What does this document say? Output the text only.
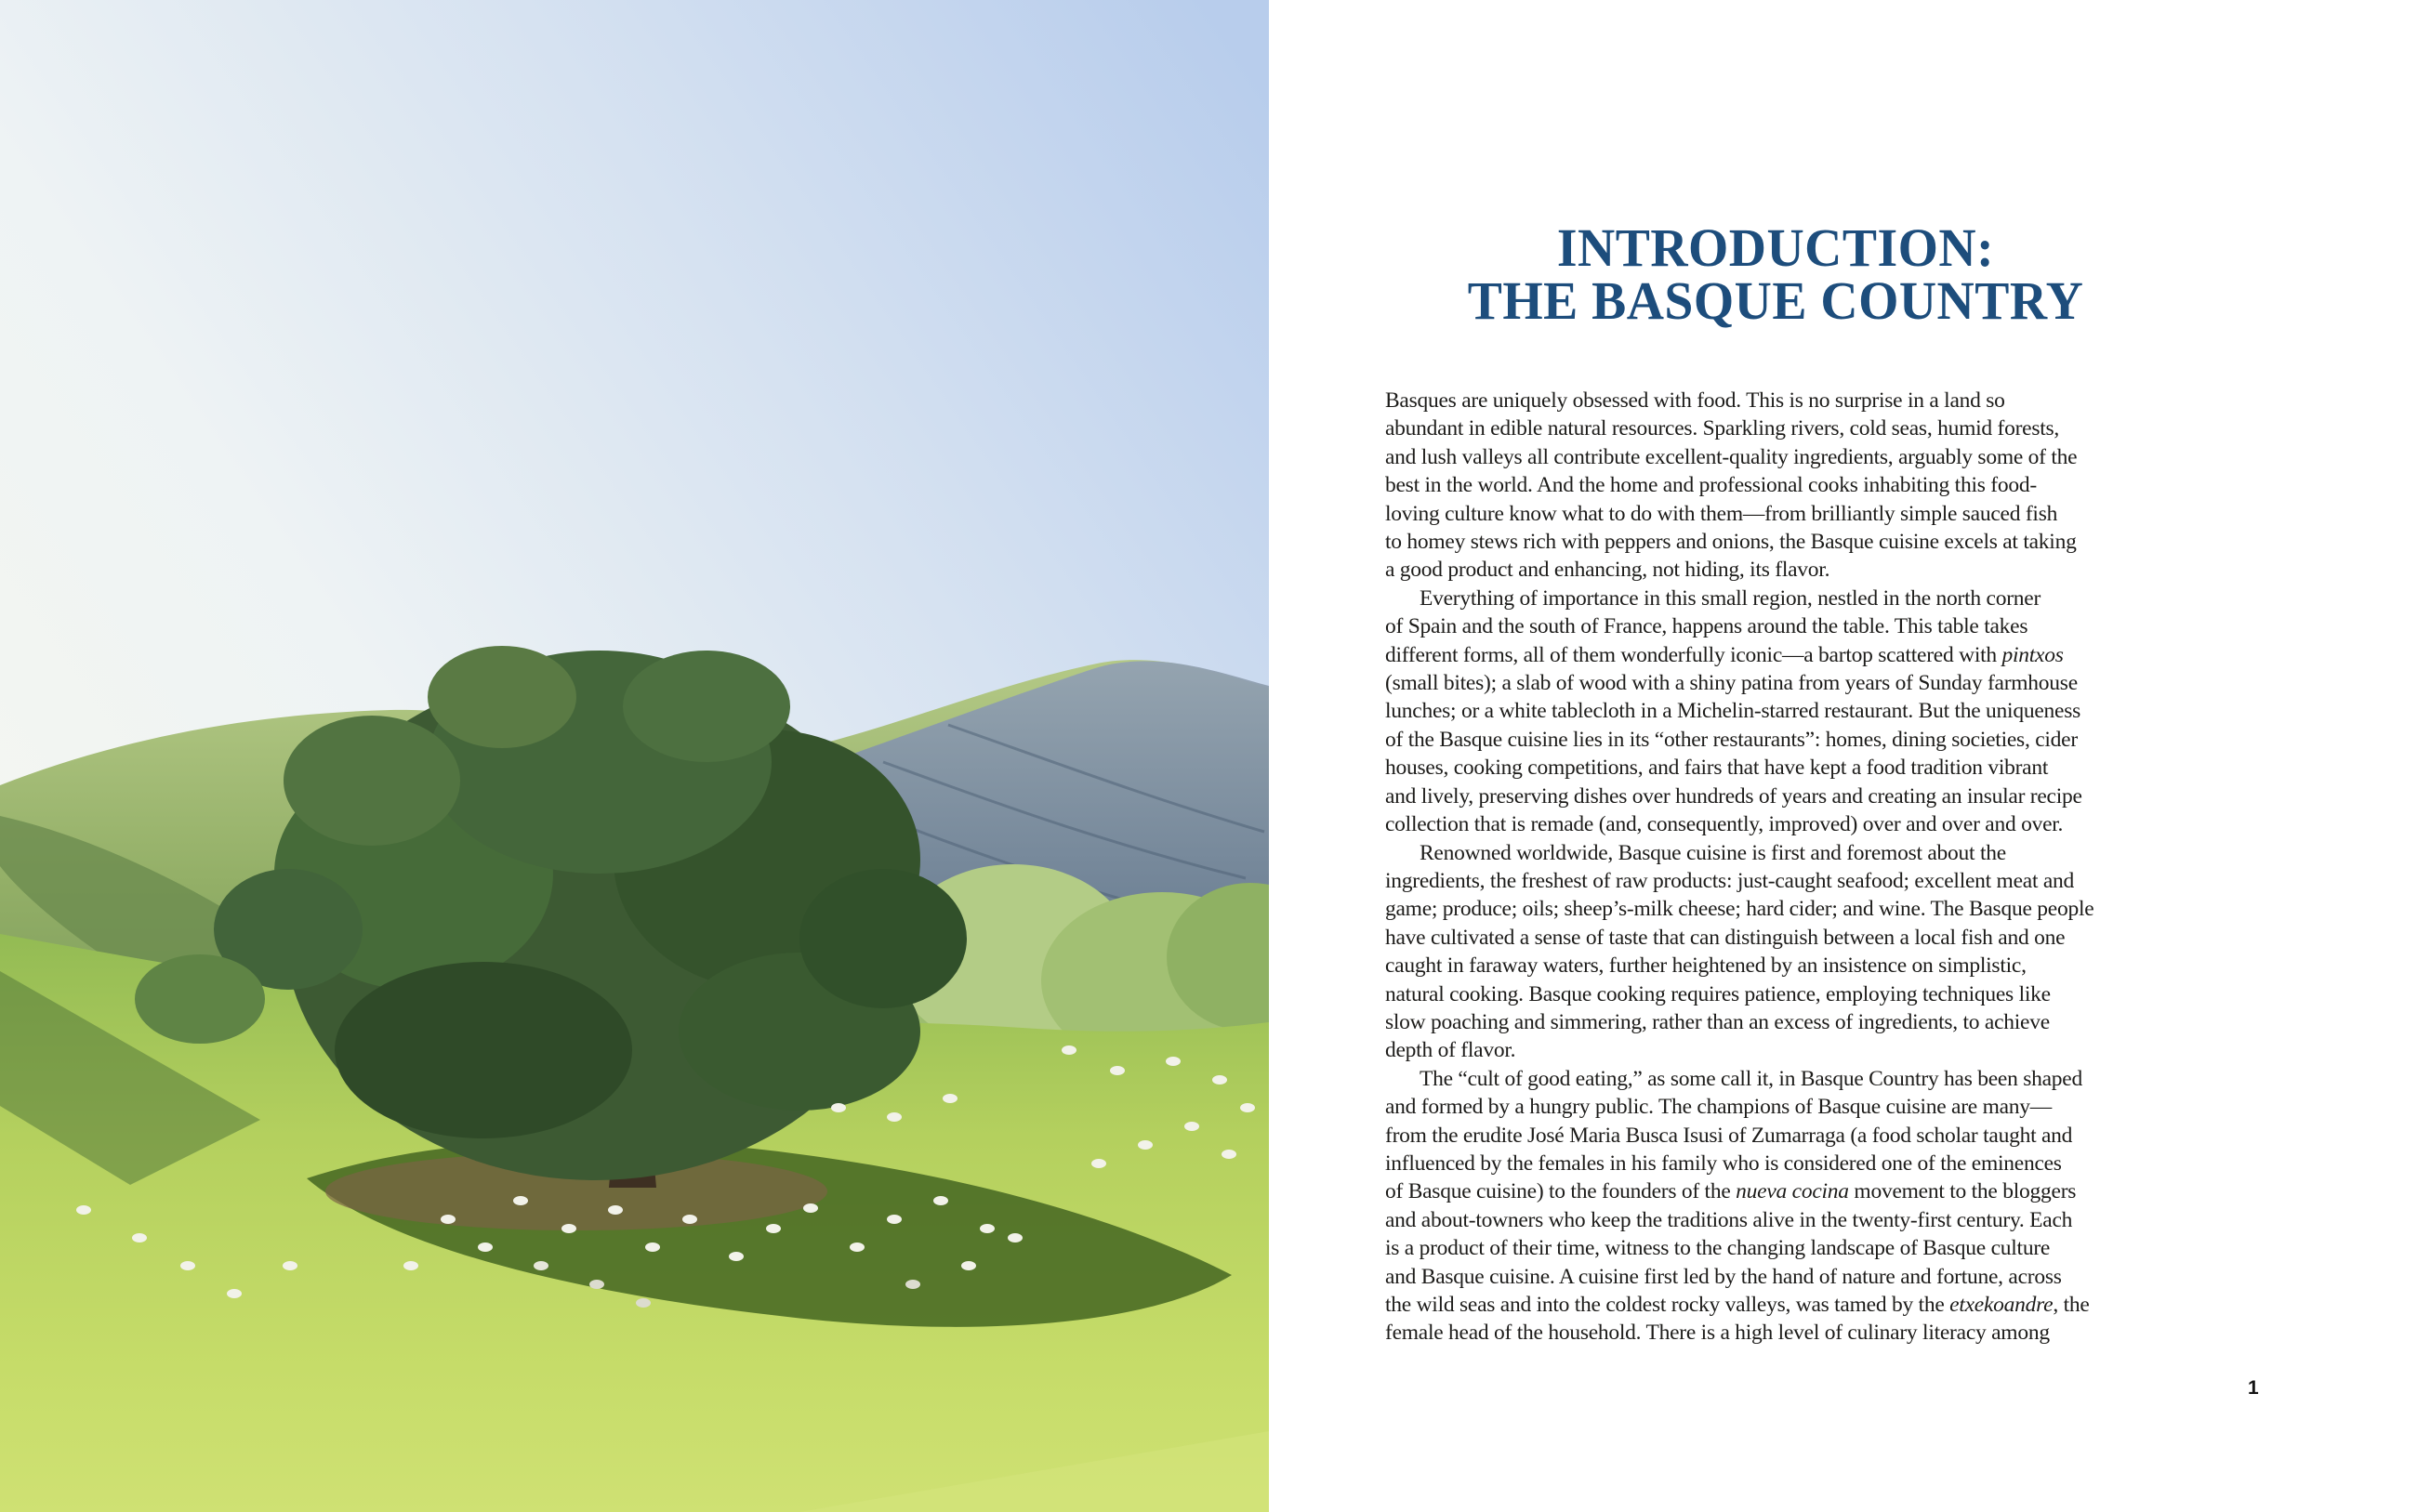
INTRODUCTION:
THE BASQUE COUNTRY
Basques are uniquely obsessed with food. This is no surprise in a land so
abundant in edible natural resources. Sparkling rivers, cold seas, humid forests,
and lush valleys all contribute excellent-quality ingredients, arguably some of the
best in the world. And the home and professional cooks inhabiting this food-
loving culture know what to do with them—from brilliantly simple sauced fish
to homey stews rich with peppers and onions, the Basque cuisine excels at taking
a good product and enhancing, not hiding, its flavor.
Everything of importance in this small region, nestled in the north corner
of Spain and the south of France, happens around the table. This table takes
different forms, all of them wonderfully iconic—a bartop scattered with pintxos
(small bites); a slab of wood with a shiny patina from years of Sunday farmhouse
lunches; or a white tablecloth in a Michelin-starred restaurant. But the uniqueness
of the Basque cuisine lies in its “other restaurants”: homes, dining societies, cider
houses, cooking competitions, and fairs that have kept a food tradition vibrant
and lively, preserving dishes over hundreds of years and creating an insular recipe
collection that is remade (and, consequently, improved) over and over and over.
Renowned worldwide, Basque cuisine is first and foremost about the
ingredients, the freshest of raw products: just-caught seafood; excellent meat and
game; produce; oils; sheep’s-milk cheese; hard cider; and wine. The Basque people
have cultivated a sense of taste that can distinguish between a local fish and one
caught in faraway waters, further heightened by an insistence on simplistic,
natural cooking. Basque cooking requires patience, employing techniques like
slow poaching and simmering, rather than an excess of ingredients, to achieve
depth of flavor.
The “cult of good eating,” as some call it, in Basque Country has been shaped
and formed by a hungry public. The champions of Basque cuisine are many—
from the erudite José Maria Busca Isusi of Zumarraga (a food scholar taught and
influenced by the females in his family who is considered one of the eminences
of Basque cuisine) to the founders of the nueva cocina movement to the bloggers
and about-towners who keep the traditions alive in the twenty-first century. Each
is a product of their time, witness to the changing landscape of Basque culture
and Basque cuisine. A cuisine first led by the hand of nature and fortune, across
the wild seas and into the coldest rocky valleys, was tamed by the etxekoandre, the
female head of the household. There is a high level of culinary literacy among
1
